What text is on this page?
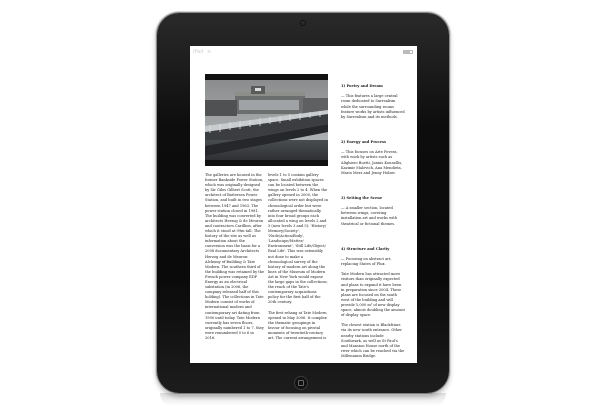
The galleries are housed in the former Bankside Power Station, which was originally designed by Sir Giles Gilbert Scott, the architect of Battersea Power Station, and built in two stages between 1947 and 1963. The power station closed in 1981. The building was converted by architects Herzog & de Meuron and contractors Carillion, after which it stood at 99m tall. The history of the site as well as information about the conversion was the basis for a 2008 documentary Architects Herzog and de Meuron: Alchemy of Building & Tate Modern. The southern third of the building was retained by the French power company EDF Energy as an electrical substation (in 2006, the company released half of this holding). The collections in Tate Modern consist of works of international modern and contemporary art dating from 1900 until today. Tate Modern currently has seven floors, originally numbered 1 to 7, they were renumbered 0 to 6 in 2016.

levels 1 to 5 contain gallery space. Small exhibition spaces can be located between the wings on levels 2 to 4. When the gallery opened in 2000, the collections were not displayed in chronological order but were rather arranged thematically into four broad groups each allocated a wing on levels 2 and 5 (now levels 3 and 5): 'History/ Memory/Society', 'Nude/Action/Body', 'Landscape/Matter/ Environment', 'Still Life/Object/ Real Life'. This was ostensibly not done to make a chronological survey of the history of modern art along the lines of the Museum of Modern Art in New York would expose the large gaps in the collections; the reach of the Tate's contemporary acquisitions policy for the first half of the 20th century.

The first rehang at Tate Modern opened in May 2006. It complex the thematic groupings in favour of focusing on pivotal moments of twentieth-century art. The current arrangement is

1) Poetry and Dream

— This features a large central room dedicated to Surrealism while the surrounding rooms feature works by artists influenced by Surrealism and its methods.

2) Energy and Process

— This focuses on Arte Povera, with work by artists such as Alighiero Boetti, Jannis Kounellis, Kazimir Malevich, Ana Mendieta, Mario Merz and Jenny Holzer.

3) Setting the Scene

— A smaller section, located between wings, covering installation art and works with theatrical or fictional themes.

4) Structure and Clarity

— Focusing on abstract art, replacing States of Flux.

Tate Modern has attracted more visitors than originally expected and plans to expand it have been in preparation since 2004. These plans are focused on the south west of the building and will provide 5,000 m² of new display space, almost doubling the amount of display space.

The closest station is Blackfriars via its new south entrance. Other nearby stations include Southwark, as well as St Paul's and Mansion House north of the river which can be reached via the Millennium Bridge.

iPad ≋
